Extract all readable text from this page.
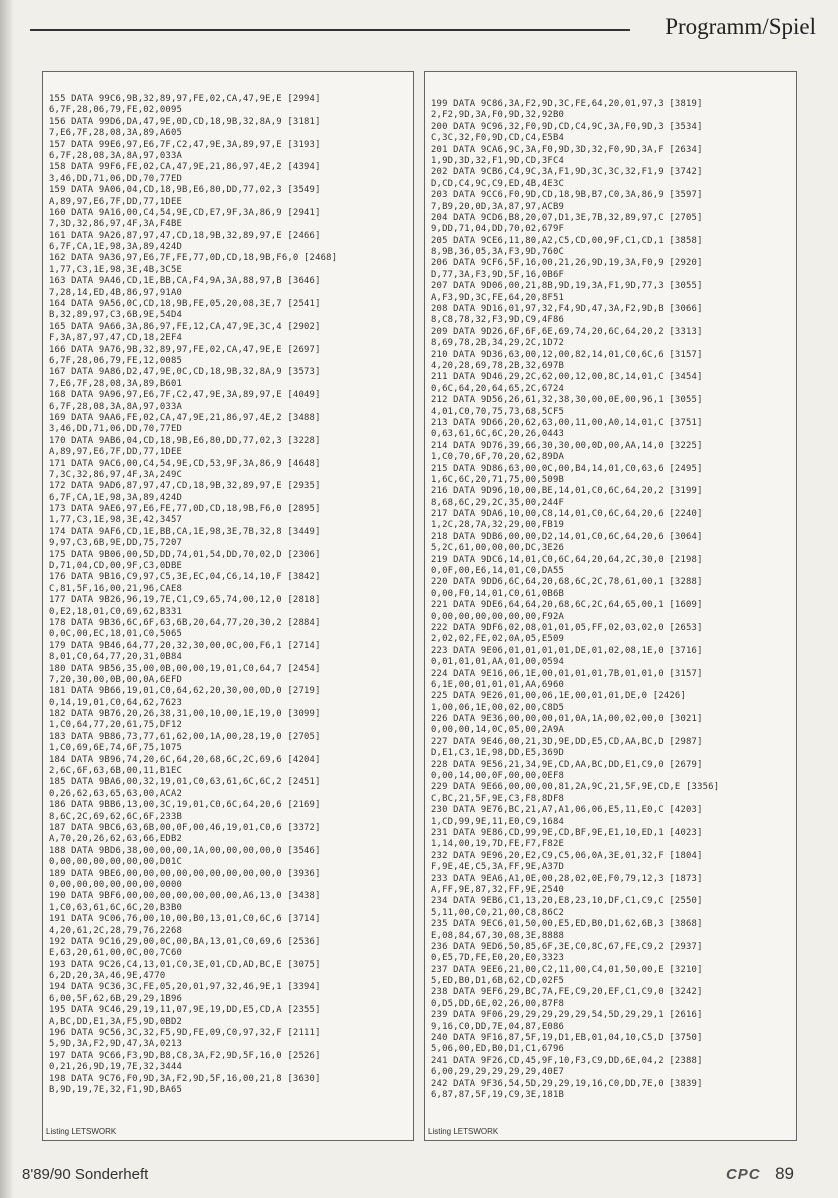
Programm/Spiel
155 DATA 99C6,9B,32,89,97,FE,02,CA,47,9E,E [2994]
6,7F,28,06,79,FE,02,0095
156 DATA 99D6,DA,47,9E,0D,CD,18,9B,32,8A,9 [3181]
7,E6,7F,28,08,3A,89,A605
157 DATA 99E6,97,E6,7F,C2,47,9E,3A,89,97,E [3193]
6,7F,28,08,3A,8A,97,033A
158 DATA 99F6,FE,02,CA,47,9E,21,86,97,4E,2 [4394]
3,46,DD,71,06,DD,70,77ED
159 DATA 9A06,04,CD,18,9B,E6,80,DD,77,02,3 [3549]
A,89,97,E6,7F,DD,77,1DEE
160 DATA 9A16,00,C4,54,9E,CD,E7,9F,3A,86,9 [2941]
7,3D,32,86,97,4F,3A,F4BE
161 DATA 9A26,87,97,47,CD,18,9B,32,89,97,E [2466]
6,7F,CA,1E,98,3A,89,424D
162 DATA 9A36,97,E6,7F,FE,77,0D,CD,18,9B,F6,0 [2468]
1,77,C3,1E,98,3E,4B,3C5E
163 DATA 9A46,CD,1E,BB,CA,F4,9A,3A,88,97,B [3646]
7,28,14,ED,4B,86,97,91A0
164 DATA 9A56,0C,CD,18,9B,FE,05,20,08,3E,7 [2541]
B,32,89,97,C3,6B,9E,54D4
165 DATA 9A66,3A,86,97,FE,12,CA,47,9E,3C,4 [2902]
F,3A,87,97,47,CD,18,2EF4
166 DATA 9A76,9B,32,89,97,FE,02,CA,47,9E,E [2697]
6,7F,28,06,79,FE,12,0085
167 DATA 9A86,D2,47,9E,0C,CD,18,9B,32,8A,9 [3573]
7,E6,7F,28,08,3A,89,B601
168 DATA 9A96,97,E6,7F,C2,47,9E,3A,89,97,E [4049]
6,7F,28,08,3A,8A,97,033A
169 DATA 9AA6,FE,02,CA,47,9E,21,86,97,4E,2 [3488]
3,46,DD,71,06,DD,70,77ED
170 DATA 9AB6,04,CD,18,9B,E6,80,DD,77,02,3 [3228]
A,89,97,E6,7F,DD,77,1DEE
171 DATA 9AC6,00,C4,54,9E,CD,53,9F,3A,86,9 [4648]
7,3C,32,86,97,4F,3A,249C
172 DATA 9AD6,87,97,47,CD,18,9B,32,89,97,E [2935]
6,7F,CA,1E,98,3A,89,424D
173 DATA 9AE6,97,E6,FE,77,0D,CD,18,9B,F6,0 [2895]
1,77,C3,1E,98,3E,42,3457
174 DATA 9AF6,CD,1E,BB,CA,1E,98,3E,7B,32,8 [3449]
9,97,C3,6B,9E,DD,75,7207
175 DATA 9B06,00,5D,DD,74,01,54,DD,70,02,D [2306]
D,71,04,CD,00,9F,C3,0DBE
176 DATA 9B16,C9,97,C5,3E,EC,04,C6,14,10,F [3842]
C,81,5F,16,00,21,96,CAE8
177 DATA 9B26,96,19,7E,C1,C9,65,74,00,12,0 [2818]
0,E2,18,01,C0,69,62,B331
178 DATA 9B36,6C,6F,63,6B,20,64,77,20,30,2 [2884]
0,0C,00,EC,18,01,C0,5065
179 DATA 9B46,64,77,20,32,30,00,0C,00,F6,1 [2714]
8,01,C0,64,77,20,31,0B84
180 DATA 9B56,35,00,0B,00,00,19,01,C0,64,7 [2454]
7,20,30,00,0B,00,0A,6EFD
181 DATA 9B66,19,01,C0,64,62,20,30,00,0D,0 [2719]
0,14,19,01,C0,64,62,7623
182 DATA 9B76,20,26,38,31,00,10,00,1E,19,0 [3099]
1,C0,64,77,20,61,75,DF12
183 DATA 9B86,73,77,61,62,00,1A,00,28,19,0 [2705]
1,C0,69,6E,74,6F,75,1075
184 DATA 9B96,74,20,6C,64,20,68,6C,2C,69,6 [4204]
2,6C,6F,63,6B,00,11,B1EC
185 DATA 9BA6,00,32,19,01,C0,63,61,6C,6C,2 [2451]
0,26,62,63,65,63,00,ACA2
186 DATA 9BB6,13,00,3C,19,01,C0,6C,64,20,6 [2169]
8,6C,2C,69,62,6C,6F,233B
187 DATA 9BC6,63,6B,00,0F,00,46,19,01,C0,6 [3372]
A,70,20,26,62,63,66,EDB2
188 DATA 9BD6,38,00,00,00,1A,00,00,00,00,0 [3546]
0,00,00,00,00,00,00,D01C
189 DATA 9BE6,00,00,00,00,00,00,00,00,00,0 [3936]
0,00,00,00,00,00,00,0000
190 DATA 9BF6,00,00,00,00,00,00,00,A6,13,0 [3438]
1,C0,63,61,6C,6C,20,B3B0
191 DATA 9C06,76,00,10,00,B0,13,01,C0,6C,6 [3714]
4,20,61,2C,28,79,76,2268
192 DATA 9C16,29,00,0C,00,BA,13,01,C0,69,6 [2536]
E,63,20,61,00,0C,00,7C60
193 DATA 9C26,C4,13,01,C0,3E,01,CD,AD,BC,E [3075]
6,2D,20,3A,46,9E,4770
194 DATA 9C36,3C,FE,05,20,01,97,32,46,9E,1 [3394]
6,00,5F,62,6B,29,29,1B96
195 DATA 9C46,29,19,11,07,9E,19,DD,E5,CD,A [2355]
A,BC,DD,E1,3A,F5,9D,0BD2
196 DATA 9C56,3C,32,F5,9D,FE,09,C0,97,32,F [2111]
5,9D,3A,F2,9D,47,3A,0213
197 DATA 9C66,F3,9D,B8,C8,3A,F2,9D,5F,16,0 [2526]
0,21,26,9D,19,7E,32,3444
198 DATA 9C76,F0,9D,3A,F2,9D,5F,16,00,21,8 [3630]
B,9D,19,7E,32,F1,9D,BA65
Listing LETSWORK
199 DATA 9C86,3A,F2,9D,3C,FE,64,20,01,97,3 [3819]
2,F2,9D,3A,F0,9D,32,92B0
200 DATA 9C96,32,F0,9D,CD,C4,9C,3A,F0,9D,3 [3534]
C,3C,32,F0,9D,CD,C4,E5B4
201 DATA 9CA6,9C,3A,F0,9D,3D,32,F0,9D,3A,F [2634]
1,9D,3D,32,F1,9D,CD,3FC4
202 DATA 9CB6,C4,9C,3A,F1,9D,3C,3C,32,F1,9 [3742]
D,CD,C4,9C,C9,ED,4B,4E3C
203 DATA 9CC6,F0,9D,CD,18,9B,B7,C0,3A,86,9 [3597]
7,B9,20,0D,3A,87,97,ACB9
204 DATA 9CD6,B8,20,07,D1,3E,7B,32,89,97,C [2705]
9,DD,71,04,DD,70,02,679F
205 DATA 9CE6,11,80,A2,C5,CD,00,9F,C1,CD,1 [3858]
8,9B,36,05,3A,F3,9D,760C
206 DATA 9CF6,5F,16,00,21,26,9D,19,3A,F0,9 [2920]
D,77,3A,F3,9D,5F,16,0B6F
207 DATA 9D06,00,21,8B,9D,19,3A,F1,9D,77,3 [3055]
A,F3,9D,3C,FE,64,20,8F51
208 DATA 9D16,01,97,32,F4,9D,47,3A,F2,9D,B [3066]
8,C8,78,32,F3,9D,C9,4F86
209 DATA 9D26,6F,6F,6E,69,74,20,6C,64,20,2 [3313]
8,69,78,2B,34,29,2C,1D72
210 DATA 9D36,63,00,12,00,82,14,01,C0,6C,6 [3157]
4,20,28,69,78,2B,32,697B
211 DATA 9D46,29,2C,62,00,12,00,8C,14,01,C [3454]
0,6C,64,20,64,65,2C,6724
212 DATA 9D56,26,61,32,38,30,00,0E,00,96,1 [3055]
4,01,C0,70,75,73,68,5CF5
213 DATA 9D66,20,62,63,00,11,00,A0,14,01,C [3751]
0,63,61,6C,6C,20,26,0443
214 DATA 9D76,39,66,30,30,00,0D,00,AA,14,0 [3225]
1,C0,70,6F,70,20,62,89DA
215 DATA 9D86,63,00,0C,00,B4,14,01,C0,63,6 [2495]
1,6C,6C,20,71,75,00,509B
216 DATA 9D96,10,00,BE,14,01,C0,6C,64,20,2 [3199]
8,68,6C,29,2C,35,00,244F
217 DATA 9DA6,10,00,C8,14,01,C0,6C,64,20,6 [2240]
1,2C,28,7A,32,29,00,FB19
218 DATA 9DB6,00,00,D2,14,01,C0,6C,64,20,6 [3064]
5,2C,61,00,00,00,DC,3E26
219 DATA 9DC6,14,01,C0,6C,64,20,64,2C,30,0 [2198]
0,0F,00,E6,14,01,C0,DA55
220 DATA 9DD6,6C,64,20,68,6C,2C,78,61,00,1 [3288]
0,00,F0,14,01,C0,61,0B6B
221 DATA 9DE6,64,64,20,68,6C,2C,64,65,00,1 [1609]
0,00,00,00,00,00,00,F92A
222 DATA 9DF6,02,08,01,01,05,FF,02,03,02,0 [2653]
2,02,02,FE,02,0A,05,E509
223 DATA 9E06,01,01,01,01,DE,01,02,08,1E,0 [3716]
0,01,01,01,AA,01,00,0594
224 DATA 9E16,06,1E,00,01,01,01,7B,01,01,0 [3157]
6,1E,00,01,01,01,AA,6960
225 DATA 9E26,01,00,06,1E,00,01,01,DE,0 [2426]
1,00,06,1E,00,02,00,C8D5
226 DATA 9E36,00,00,00,01,0A,1A,00,02,00,0 [3021]
0,00,00,14,0C,05,00,2A9A
227 DATA 9E46,00,21,3D,9E,DD,E5,CD,AA,BC,D [2987]
D,E1,C3,1E,98,DD,E5,369D
228 DATA 9E56,21,34,9E,CD,AA,BC,DD,E1,C9,0 [2679]
0,00,14,00,0F,00,00,0EF8
229 DATA 9E66,00,00,00,81,2A,9C,21,5F,9E,CD,E [3356]
C,BC,21,5F,9E,C3,F8,8DF8
230 DATA 9E76,BC,21,A7,A1,06,06,E5,11,E0,C [4203]
1,CD,99,9E,11,E0,C9,1684
231 DATA 9E86,CD,99,9E,CD,BF,9E,E1,10,ED,1 [4023]
1,14,00,19,7D,FE,F7,F82E
232 DATA 9E96,20,E2,C9,C5,06,0A,3E,01,32,F [1804]
F,9E,4E,C5,3A,FF,9E,A37D
233 DATA 9EA6,A1,0E,00,28,02,0E,F0,79,12,3 [1873]
A,FF,9E,87,32,FF,9E,2540
234 DATA 9EB6,C1,13,20,E8,23,10,DF,C1,C9,C [2550]
5,11,00,C0,21,00,C8,86C2
235 DATA 9EC6,01,50,00,E5,ED,B0,D1,62,6B,3 [3868]
E,08,84,67,30,08,3E,8888
236 DATA 9ED6,50,85,6F,3E,C0,8C,67,FE,C9,2 [2937]
0,E5,7D,FE,E0,20,E0,3323
237 DATA 9EE6,21,00,C2,11,00,C4,01,50,00,E [3210]
5,ED,B0,D1,6B,62,CD,02F5
238 DATA 9EF6,29,BC,7A,FE,C9,20,EF,C1,C9,0 [3242]
0,D5,DD,6E,02,26,00,87F8
239 DATA 9F06,29,29,29,29,29,54,5D,29,29,1 [2616]
9,16,C0,DD,7E,04,87,E086
240 DATA 9F16,87,5F,19,D1,EB,01,04,10,C5,D [3750]
5,06,00,ED,B0,D1,C1,6796
241 DATA 9F26,CD,45,9F,10,F3,C9,DD,6E,04,2 [2388]
6,00,29,29,29,29,29,40E7
242 DATA 9F36,54,5D,29,29,19,16,C0,DD,7E,0 [3839]
6,87,87,5F,19,C9,3E,181B
Listing LETSWORK
8'89/90 Sonderheft	CPC 89
